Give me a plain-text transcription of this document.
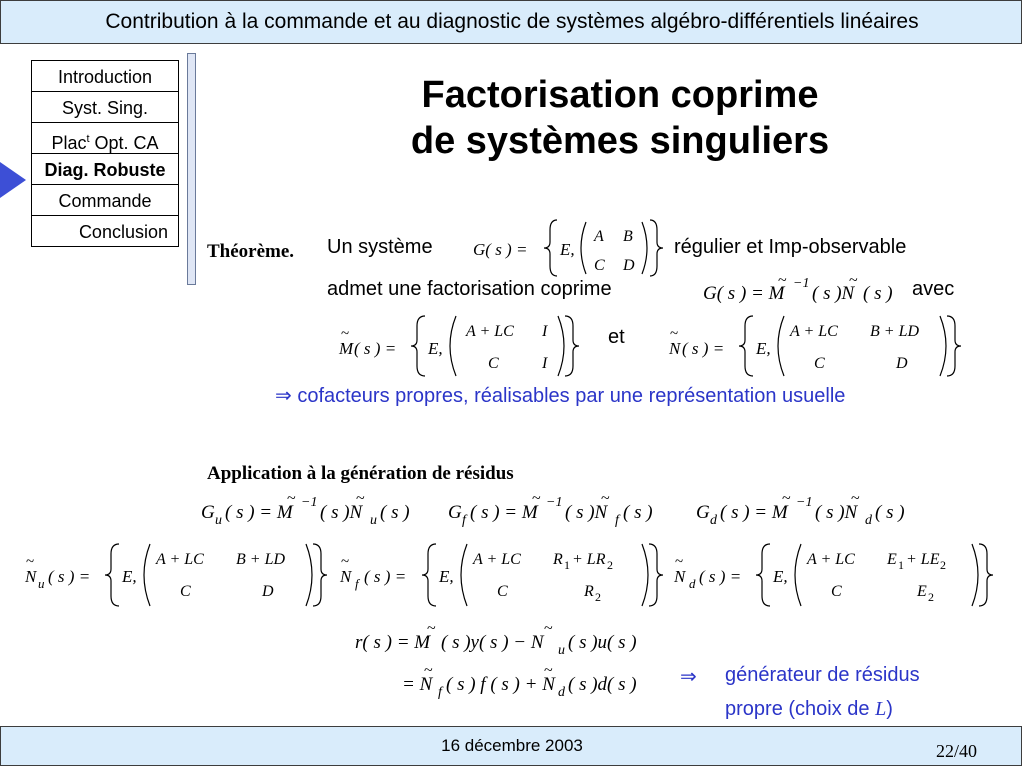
Contribution à la commande et au diagnostic de systèmes algébro-différentiels linéaires
Introduction
Syst. Sing.
Plac$^t$ Opt. CA
Diag. Robuste
Commande
Conclusion
Factorisation coprime
de systèmes singuliers
Théorème. Un système G( s ) = E,
A B
C D
régulier et Imp-observable
admet une factorisation coprime	G( s ) = M
~ −1 ( s )N
~
( s ) avec
M
~
( s ) = E,
A + LC I
C	I
et
N
~
( s ) = E,
A + LC B + LD
C	D
⇒ cofacteurs propres, réalisables par une représentation usuelle
Application à la génération de résidus
G u ( s ) = M
~ −1 ( s )N
~
u ( s ) G f ( s ) = M
~ −1 ( s )N
~
f ( s ) G d ( s ) = M
~ −1 ( s )N
~
d ( s )
N
~
u ( s ) = E,
A + LC B + LD
C	D
N
~
f ( s ) = E,
A + LC R 1 + LR 2
C	R 2
N
~
d ( s ) = E,
A + LC E 1 + LE 2
C	E 2
r( s ) = M
~
( s )y( s ) − N
~
u ( s )u( s )
= N
~
f ( s ) f ( s ) + N
~
d ( s )d( s ) ⇒ générateur de résidus
propre (choix de L)
16 décembre 2003	22/40
